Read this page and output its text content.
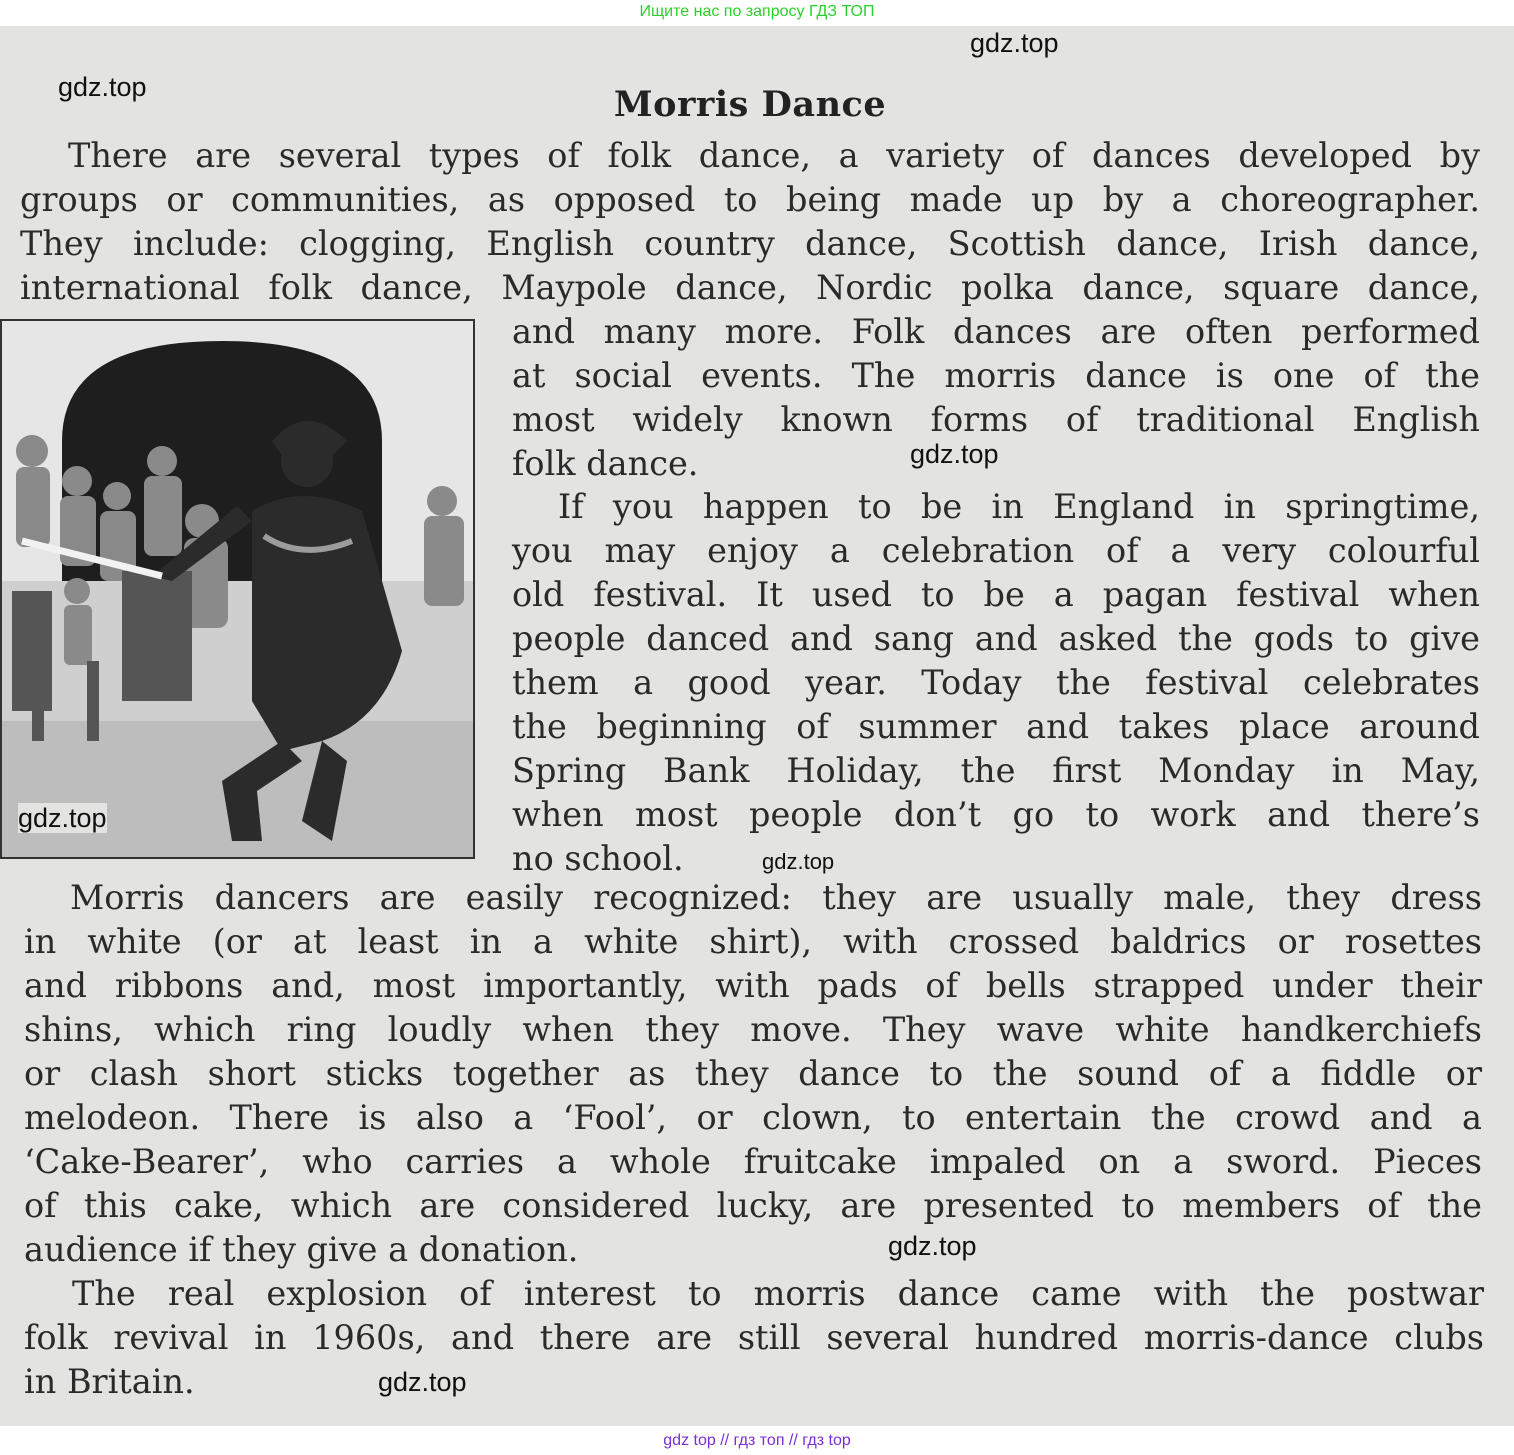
Ищите нас по запросу ГДЗ ТОП
Morris Dance

There are several types of folk dance, a variety of dances developed by

groups or communities, as opposed to being made up by a choreographer.

They include: clogging, English country dance, Scottish dance, Irish dance,

international folk dance, Maypole dance, Nordic polka dance, square dance,

and many more. Folk dances are often performed

at social events. The morris dance is one of the

most widely known forms of traditional English

folk dance.

If you happen to be in England in springtime,

you may enjoy a celebration of a very colourful

old festival. It used to be a pagan festival when

people danced and sang and asked the gods to give

them a good year. Today the festival celebrates

the beginning of summer and takes place around

Spring Bank Holiday, the first Monday in May,

when most people don’t go to work and there’s

no school.

Morris dancers are easily recognized: they are usually male, they dress

in white (or at least in a white shirt), with crossed baldrics or rosettes

and ribbons and, most importantly, with pads of bells strapped under their

shins, which ring loudly when they move. They wave white handkerchiefs

or clash short sticks together as they dance to the sound of a fiddle or

melodeon. There is also a ‘Fool’, or clown, to entertain the crowd and a

‘Cake-Bearer’, who carries a whole fruitcake impaled on a sword. Pieces

of this cake, which are considered lucky, are presented to members of the

audience if they give a donation.

The real explosion of interest to morris dance came with the postwar

folk revival in 1960s, and there are still several hundred morris-dance clubs

in Britain.

gdz.top
gdz.top
gdz.top
gdz.top
gdz.top
gdz.top
gdz.top
gdz top // гдз топ // гдз top
